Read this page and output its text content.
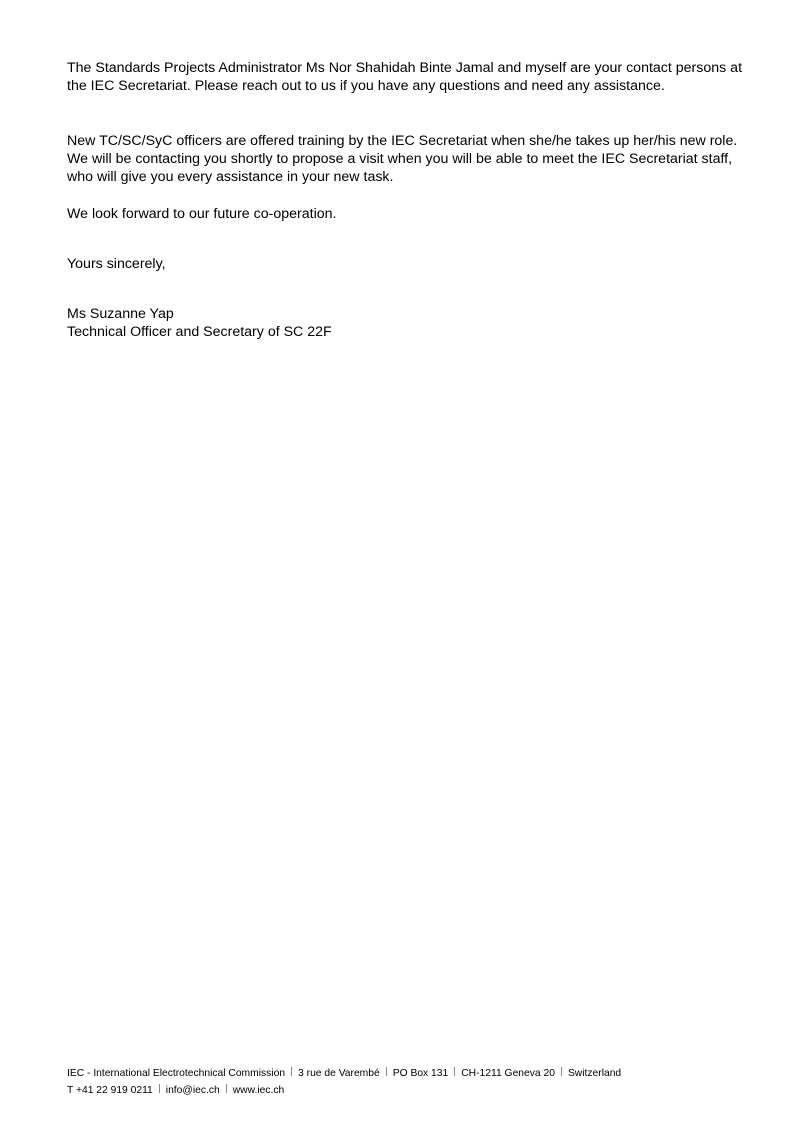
The Standards Projects Administrator Ms Nor Shahidah Binte Jamal and myself are your contact persons at the IEC Secretariat. Please reach out to us if you have any questions and need any assistance.

New TC/SC/SyC officers are offered training by the IEC Secretariat when she/he takes up her/his new role. We will be contacting you shortly to propose a visit when you will be able to meet the IEC Secretariat staff, who will give you every assistance in your new task.

We look forward to our future co-operation.

Yours sincerely,

Ms Suzanne Yap

Technical Officer and Secretary of SC 22F

IEC - International Electrotechnical Commission 3 rue de Varembé PO Box 131 CH-1211 Geneva 20 Switzerland
T +41 22 919 0211 info@iec.ch www.iec.ch
